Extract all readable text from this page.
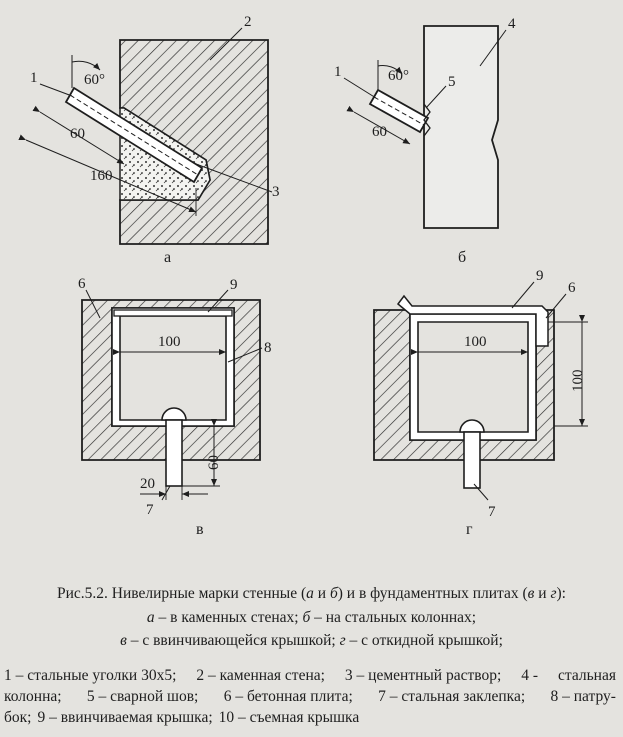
60°
60
160
1
2
3
а
60°
60
1
4
5
б
100
20
60
6	9
8
7
в
100
100
9
6
7
г
Рис.5.2. Нивелирные марки стенные (а и б) и в фундаментных плитах (в и г):
а – в каменных стенах; б – на стальных колоннах;
в – с ввинчивающейся крышкой; г – с откидной крышкой;
1 – стальные уголки 30х5; 2 – каменная стена; 3 – цементный раствор; 4 - стальная
колонна; 5 – сварной шов; 6 – бетонная плита; 7 – стальная заклепка; 8 – патру-
бок; 9 – ввинчиваемая крышка; 10 – съемная крышка
